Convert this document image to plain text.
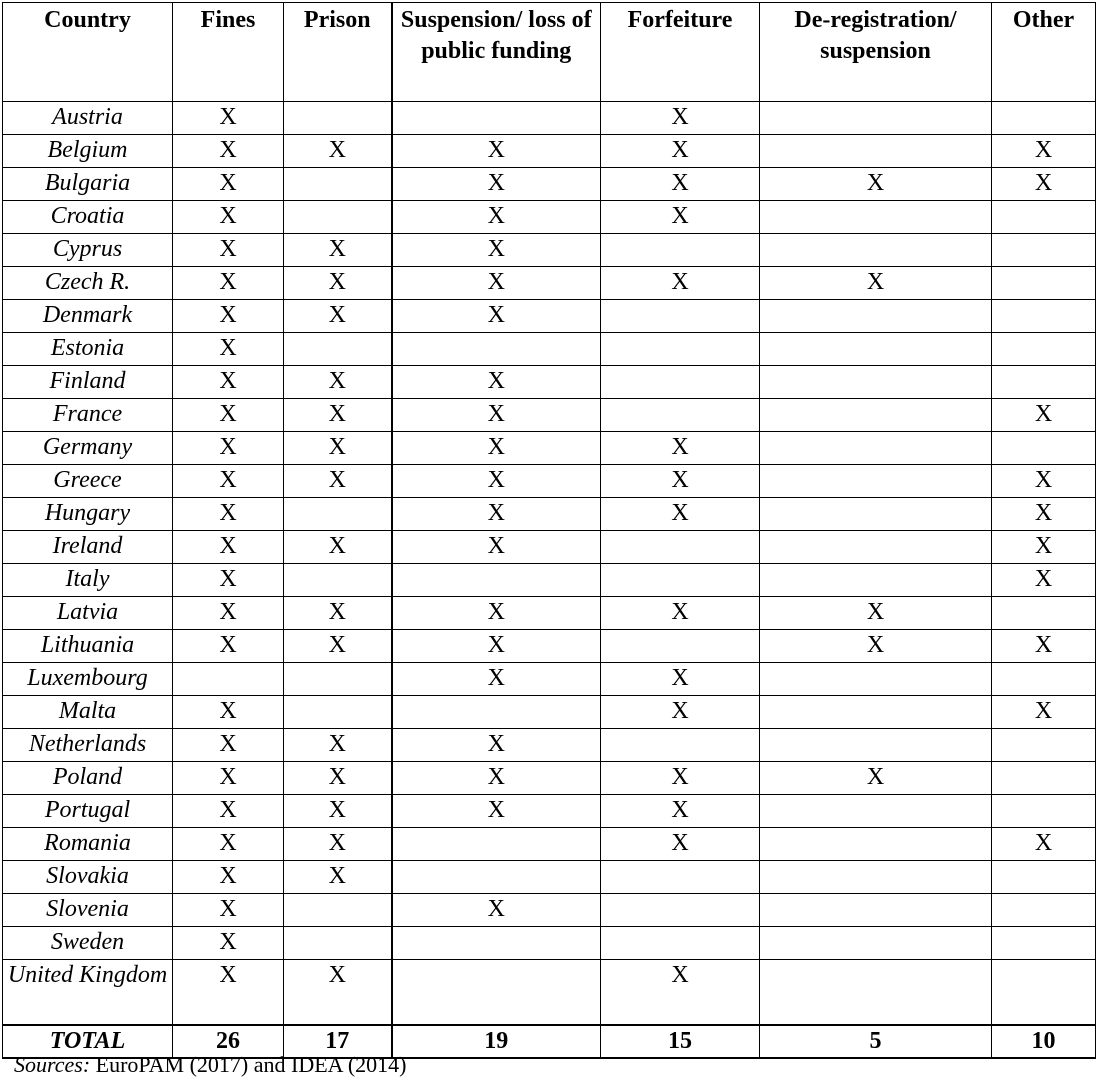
Country	Fines	Prison	Suspension/ loss of public funding	Forfeiture	De-registration/ suspension	Other
Austria	X			X		
Belgium	X	X	X	X		X
Bulgaria	X		X	X	X	X
Croatia	X		X	X		
Cyprus	X	X	X			
Czech R.	X	X	X	X	X	
Denmark	X	X	X			
Estonia	X					
Finland	X	X	X			
France	X	X	X			X
Germany	X	X	X	X		
Greece	X	X	X	X		X
Hungary	X		X	X		X
Ireland	X	X	X			X
Italy	X					X
Latvia	X	X	X	X	X	
Lithuania	X	X	X		X	X
Luxembourg			X	X		
Malta	X			X		X
Netherlands	X	X	X			
Poland	X	X	X	X	X	
Portugal	X	X	X	X		
Romania	X	X		X		X
Slovakia	X	X				
Slovenia	X		X			
Sweden	X					
United Kingdom	X	X		X		
TOTAL	26	17	19	15	5	10
Sources: EuroPAM (2017) and IDEA (2014)
